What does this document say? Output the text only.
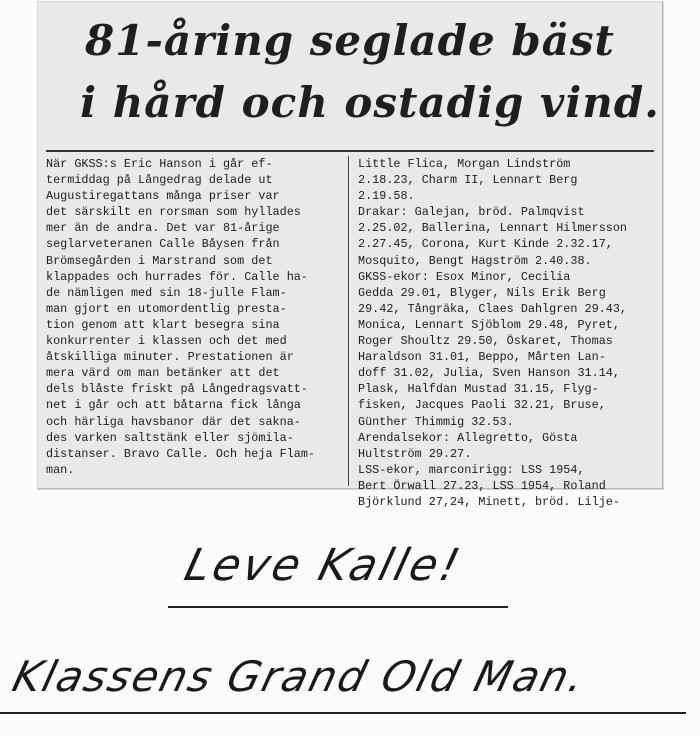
81-åring seglade bäst
i hård och ostadig vind.
När GKSS:s Eric Hanson i går ef-
termiddag på Långedrag delade ut
Augustiregattans många priser var
det särskilt en rorsman som hyllades
mer än de andra. Det var 81-årige
seglarveteranen Calle Båysen från
Brömsegården i Marstrand som det
klappades och hurrades för. Calle ha-
de nämligen med sin 18-julle Flam-
man gjort en utomordentlig presta-
tion genom att klart besegra sina
konkurrenter i klassen och det med
åtskilliga minuter. Prestationen är
mera värd om man betänker att det
dels blåste friskt på Långedragsvatt-
net i går och att båtarna fick långa
och härliga havsbanor där det sakna-
des varken saltstänk eller sjömila-
distanser. Bravo Calle. Och heja Flam-
man.
Little Flica, Morgan Lindström
2.18.23, Charm II, Lennart Berg
2.19.58.
Drakar: Galejan, bröd. Palmqvist
2.25.02, Ballerina, Lennart Hilmersson
2.27.45, Corona, Kurt Kinde 2.32.17,
Mosquito, Bengt Hagström 2.40.38.
GKSS-ekor: Esox Minor, Cecilia
Gedda 29.01, Blyger, Nils Erik Berg
29.42, Tångräka, Claes Dahlgren 29.43,
Monica, Lennart Sjöblom 29.48, Pyret,
Roger Shoultz 29.50, Öskaret, Thomas
Haraldson 31.01, Beppo, Mårten Lan-
doff 31.02, Julia, Sven Hanson 31.14,
Plask, Halfdan Mustad 31.15, Flyg-
fisken, Jacques Paoli 32.21, Bruse,
Günther Thimmig 32.53.
Arendalsekor: Allegretto, Gösta
Hultström 29.27.
LSS-ekor, marconirigg: LSS 1954,
Bert Örwall 27.23, LSS 1954, Roland
Björklund 27,24, Minett, bröd. Lilje-
Leve Kalle!
Klassens Grand Old Man.
